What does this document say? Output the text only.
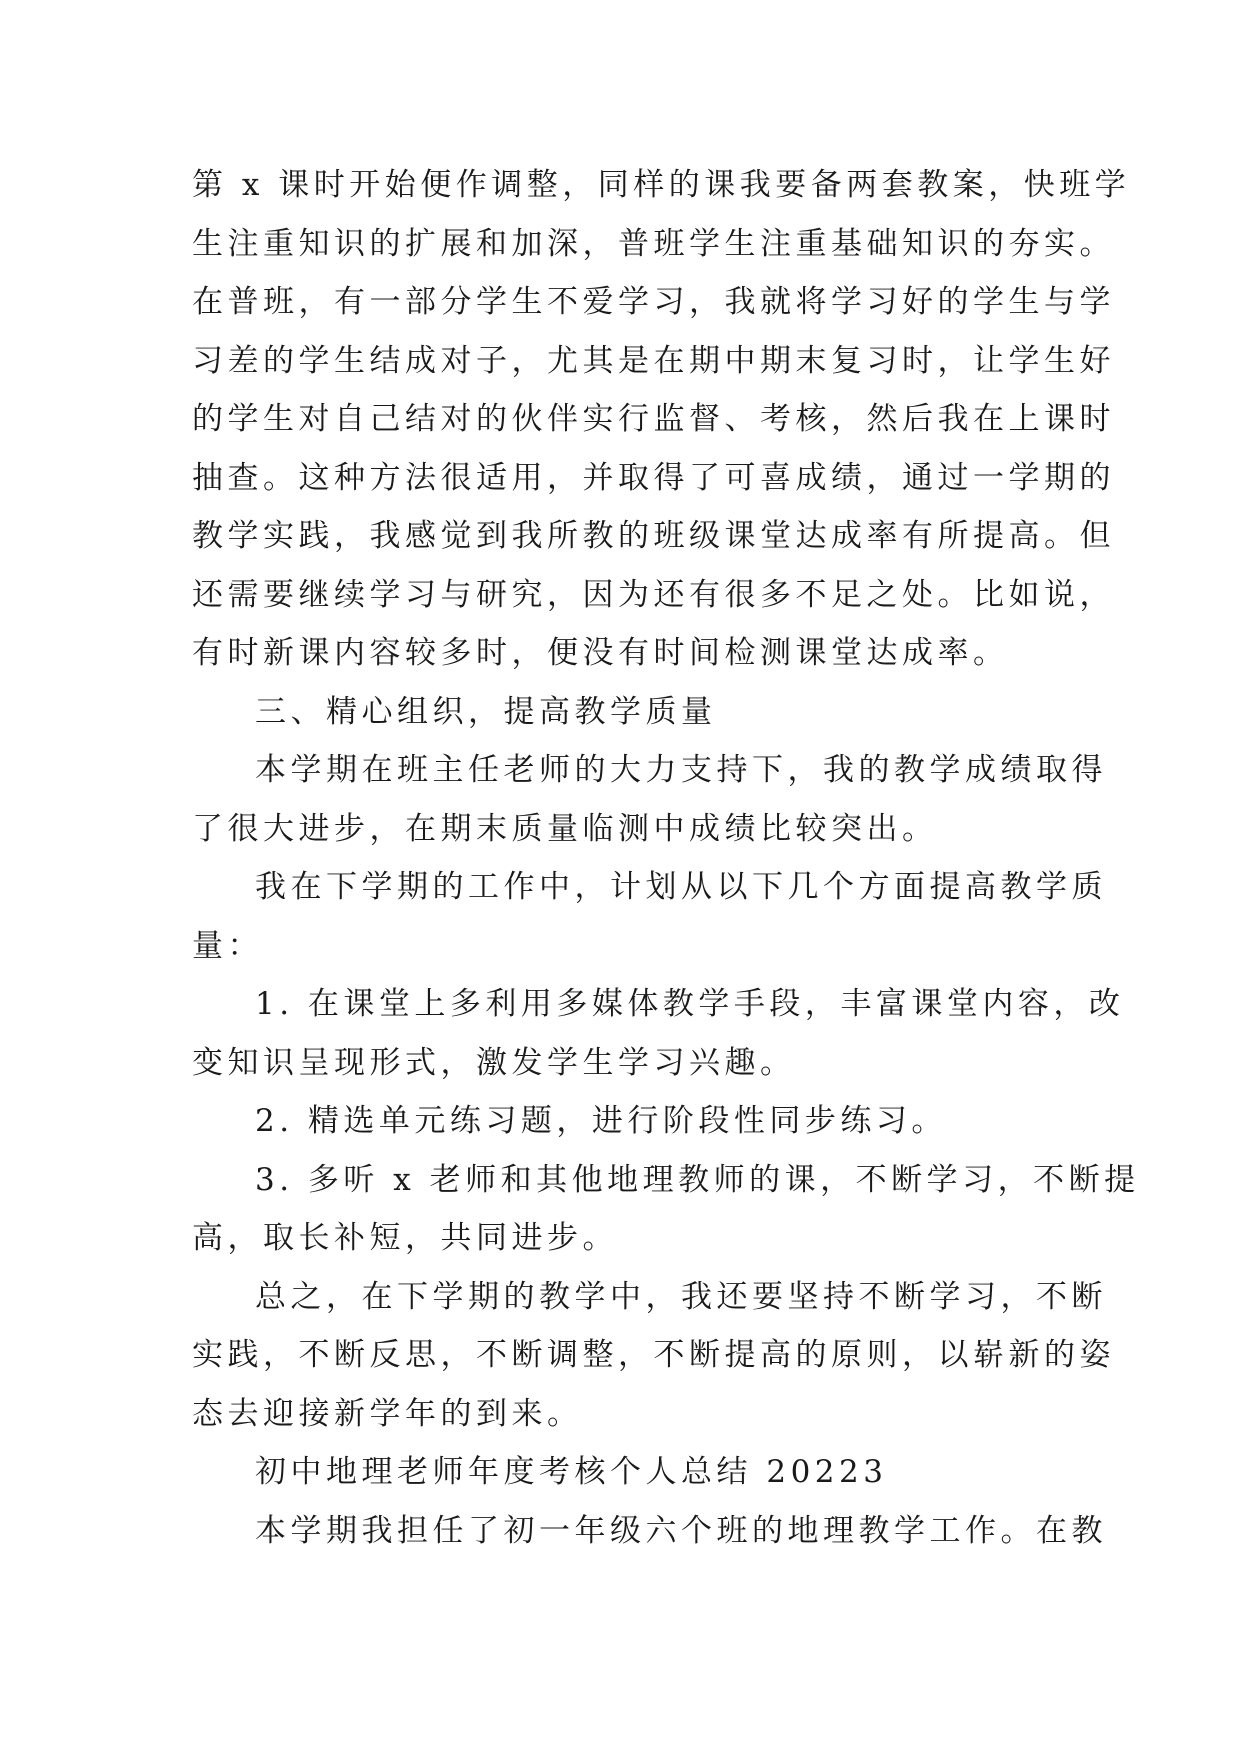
第 x 课时开始便作调整，同样的课我要备两套教案，快班学

生注重知识的扩展和加深，普班学生注重基础知识的夯实。

在普班，有一部分学生不爱学习，我就将学习好的学生与学

习差的学生结成对子，尤其是在期中期末复习时，让学生好

的学生对自己结对的伙伴实行监督、考核，然后我在上课时

抽查。这种方法很适用，并取得了可喜成绩，通过一学期的

教学实践，我感觉到我所教的班级课堂达成率有所提高。但

还需要继续学习与研究，因为还有很多不足之处。比如说，

有时新课内容较多时，便没有时间检测课堂达成率。

三、精心组织，提高教学质量

本学期在班主任老师的大力支持下，我的教学成绩取得

了很大进步，在期末质量临测中成绩比较突出。

我在下学期的工作中，计划从以下几个方面提高教学质

量：

1. 在课堂上多利用多媒体教学手段，丰富课堂内容，改

变知识呈现形式，激发学生学习兴趣。

2. 精选单元练习题，进行阶段性同步练习。

3. 多听 x 老师和其他地理教师的课，不断学习，不断提

高，取长补短，共同进步。

总之，在下学期的教学中，我还要坚持不断学习，不断

实践，不断反思，不断调整，不断提高的原则，以崭新的姿

态去迎接新学年的到来。

初中地理老师年度考核个人总结 20223

本学期我担任了初一年级六个班的地理教学工作。在教
